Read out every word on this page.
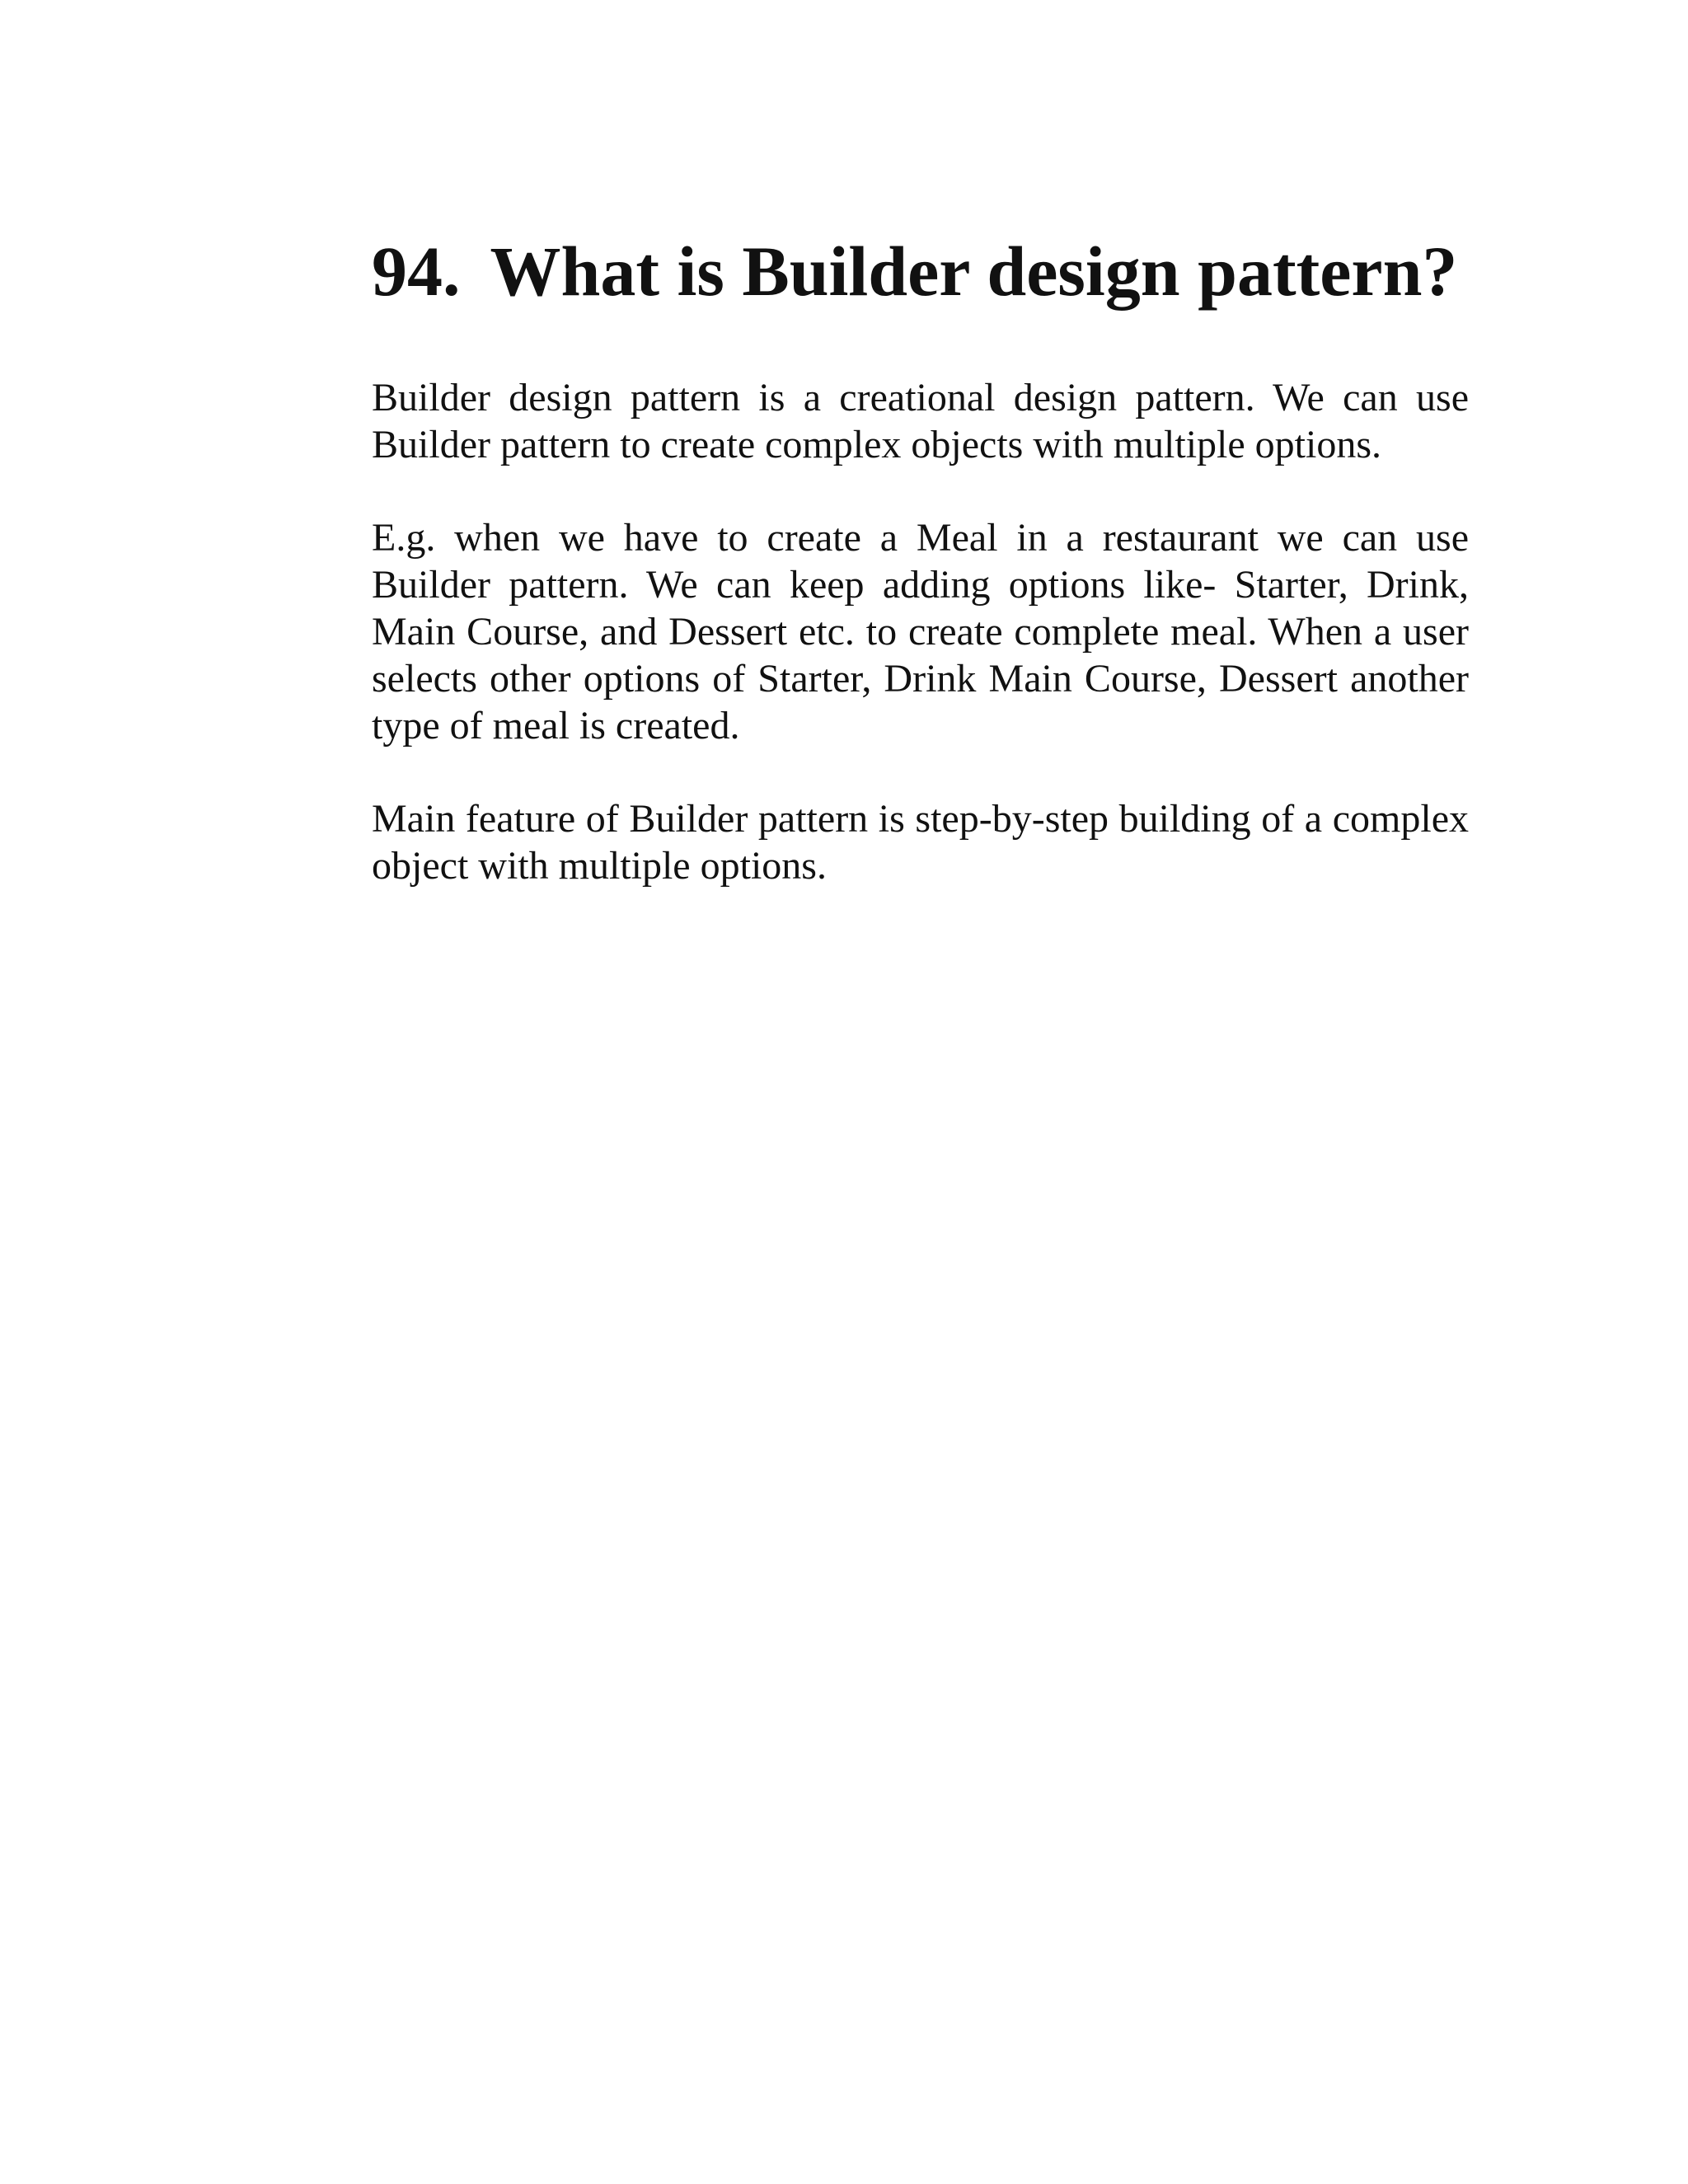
94. What is Builder design pattern?

Builder design pattern is a creational design pattern. We can use Builder pattern to create complex objects with multiple options.

E.g. when we have to create a Meal in a restaurant we can use Builder pattern. We can keep adding options like- Starter, Drink, Main Course, and Dessert etc. to create complete meal. When a user selects other options of Starter, Drink Main Course, Dessert another type of meal is created.

Main feature of Builder pattern is step-by-step building of a complex object with multiple options.
